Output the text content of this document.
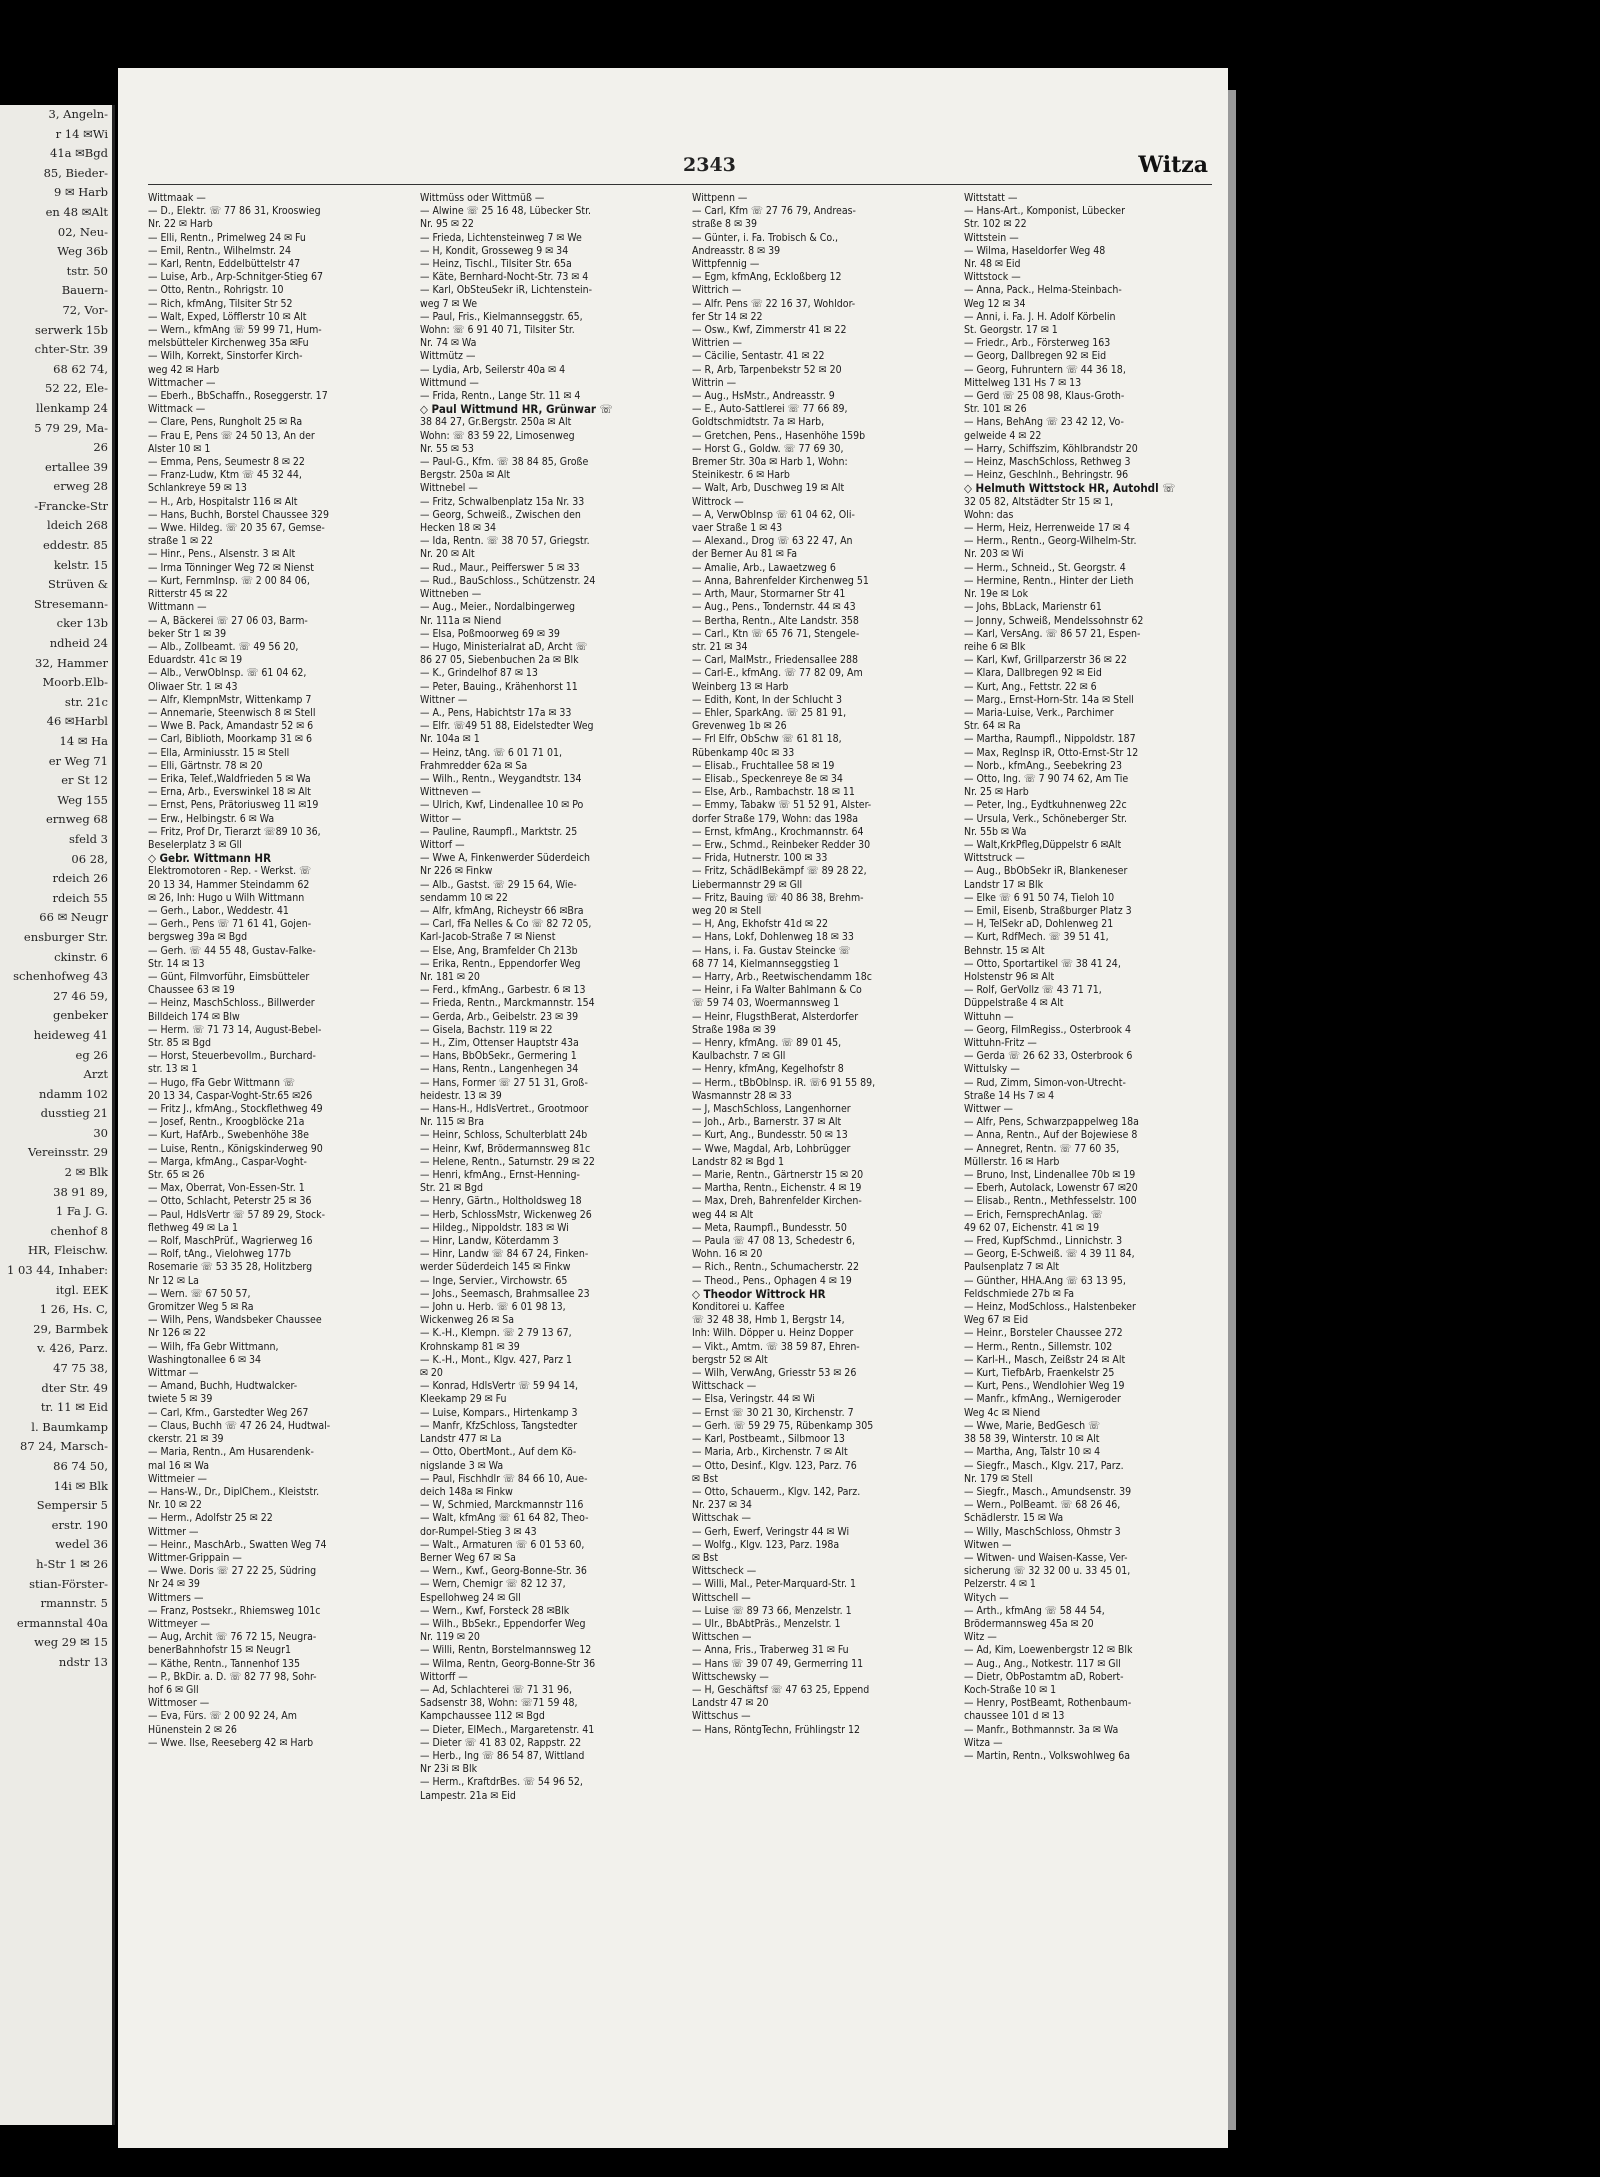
3, Angeln-
r 14 ✉Wi
41a ✉Bgd
85, Bieder-
9 ✉ Harb
en 48 ✉Alt
02, Neu-
Weg 36b
tstr. 50
Bauern-
72, Vor-
serwerk 15b
chter-Str. 39
68 62 74,
52 22, Ele-
llenkamp 24
5 79 29, Ma-
26
ertallee 39
erweg 28
-Francke-Str
ldeich 268
eddestr. 85
kelstr. 15
Strüven &
Stresemann-
cker 13b
ndheid 24
32, Hammer
Moorb.Elb-
str. 21c
46 ✉Harbl
14 ✉ Ha
er Weg 71
er St 12
Weg 155
ernweg 68
sfeld 3
06 28,
rdeich 26
rdeich 55
66 ✉ Neugr
ensburger Str.
ckinstr. 6
schenhofweg 43
27 46 59,
genbeker
heideweg 41
eg 26
Arzt
ndamm 102
dusstieg 21
30
Vereinsstr. 29
2 ✉ Blk
38 91 89,
1 Fa J. G.
chenhof 8
HR, Fleischw.
1 03 44, Inhaber:
itgl. EEK
1 26, Hs. C,
29, Barmbek
v. 426, Parz.
47 75 38,
dter Str. 49
tr. 11 ✉ Eid
l. Baumkamp
87 24, Marsch-
86 74 50,
14i ✉ Blk
Sempersir 5
erstr. 190
wedel 36
h-Str 1 ✉ 26
stian-Förster-
rmannstr. 5
ermannstal 40a
weg 29 ✉ 15
ndstr 13
2343	Witza
Wittmaak —
— D., Elektr. ☏ 77 86 31, Krooswieg
Nr. 22 ✉ Harb
— Elli, Rentn., Primelweg 24 ✉ Fu
— Emil, Rentn., Wilhelmstr. 24
— Karl, Rentn, Eddelbüttelstr 47
— Luise, Arb., Arp-Schnitger-Stieg 67
— Otto, Rentn., Rohrigstr. 10
— Rich, kfmAng, Tilsiter Str 52
— Walt, Exped, Löfflerstr 10 ✉ Alt
— Wern., kfmAng ☏ 59 99 71, Hum-
melsbütteler Kirchenweg 35a ✉Fu
— Wilh, Korrekt, Sinstorfer Kirch-
weg 42 ✉ Harb
Wittmacher —
— Eberh., BbSchaffn., Roseggerstr. 17
Wittmack —
— Clare, Pens, Rungholt 25 ✉ Ra
— Frau E, Pens ☏ 24 50 13, An der
Alster 10 ✉ 1
— Emma, Pens, Seumestr 8 ✉ 22
— Franz-Ludw, Ktm ☏ 45 32 44,
Schlankreye 59 ✉ 13
— H., Arb, Hospitalstr 116 ✉ Alt
— Hans, Buchh, Borstel Chaussee 329
— Wwe. Hildeg. ☏ 20 35 67, Gemse-
straße 1 ✉ 22
— Hinr., Pens., Alsenstr. 3 ✉ Alt
— Irma Tönninger Weg 72 ✉ Nienst
— Kurt, FernmInsp. ☏ 2 00 84 06,
Ritterstr 45 ✉ 22
Wittmann —
— A, Bäckerei ☏ 27 06 03, Barm-
beker Str 1 ✉ 39
— Alb., Zollbeamt. ☏ 49 56 20,
Eduardstr. 41c ✉ 19
— Alb., VerwOblnsp. ☏ 61 04 62,
Oliwaer Str. 1 ✉ 43
— Alfr, KlempnMstr, Wittenkamp 7
— Annemarie, Steenwisch 8 ✉ Stell
— Wwe B. Pack, Amandastr 52 ✉ 6
— Carl, Biblioth, Moorkamp 31 ✉ 6
— Ella, Arminiusstr. 15 ✉ Stell
— Elli, Gärtnstr. 78 ✉ 20
— Erika, Telef.,Waldfrieden 5 ✉ Wa
— Erna, Arb., Everswinkel 18 ✉ Alt
— Ernst, Pens, Prätoriusweg 11 ✉19
— Erw., Helbingstr. 6 ✉ Wa
— Fritz, Prof Dr, Tierarzt ☏89 10 36,
Beselerplatz 3 ✉ Gll
◇ Gebr. Wittmann HR
Elektromotoren - Rep. - Werkst. ☏
20 13 34, Hammer Steindamm 62
✉ 26, Inh: Hugo u Wilh Wittmann
— Gerh., Labor., Weddestr. 41
— Gerh., Pens ☏ 71 61 41, Gojen-
bergsweg 39a ✉ Bgd
— Gerh. ☏ 44 55 48, Gustav-Falke-
Str. 14 ✉ 13
— Günt, Filmvorführ, Eimsbütteler
Chaussee 63 ✉ 19
— Heinz, MaschSchloss., Billwerder
Billdeich 174 ✉ Blw
— Herm. ☏ 71 73 14, August-Bebel-
Str. 85 ✉ Bgd
— Horst, Steuerbevollm., Burchard-
str. 13 ✉ 1
— Hugo, fFa Gebr Wittmann ☏
20 13 34, Caspar-Voght-Str.65 ✉26
— Fritz J., kfmAng., Stockflethweg 49
— Josef, Rentn., Kroogblöcke 21a
— Kurt, HafArb., Swebenhöhe 38e
— Luise, Rentn., Königskinderweg 90
— Marga, kfmAng., Caspar-Voght-
Str. 65 ✉ 26
— Max, Oberrat, Von-Essen-Str. 1
— Otto, Schlacht, Peterstr 25 ✉ 36
— Paul, HdlsVertr ☏ 57 89 29, Stock-
flethweg 49 ✉ La 1
— Rolf, MaschPrüf., Wagrierweg 16
— Rolf, tAng., Vielohweg 177b
Rosemarie ☏ 53 35 28, Holitzberg
Nr 12 ✉ La
— Wern. ☏ 67 50 57,
Gromitzer Weg 5 ✉ Ra
— Wilh, Pens, Wandsbeker Chaussee
Nr 126 ✉ 22
— Wilh, fFa Gebr Wittmann,
Washingtonallee 6 ✉ 34
Wittmar —
— Amand, Buchh, Hudtwalcker-
twiete 5 ✉ 39
— Carl, Kfm., Garstedter Weg 267
— Claus, Buchh ☏ 47 26 24, Hudtwal-
ckerstr. 21 ✉ 39
— Maria, Rentn., Am Husarendenk-
mal 16 ✉ Wa
Wittmeier —
— Hans-W., Dr., DiplChem., Kleiststr.
Nr. 10 ✉ 22
— Herm., Adolfstr 25 ✉ 22
Wittmer —
— Heinr., MaschArb., Swatten Weg 74
Wittmer-Grippain —
— Wwe. Doris ☏ 27 22 25, Südring
Nr 24 ✉ 39
Wittmers —
— Franz, Postsekr., Rhiemsweg 101c
Wittmeyer —
— Aug, Archit ☏ 76 72 15, Neugra-
benerBahnhofstr 15 ✉ Neugr1
— Käthe, Rentn., Tannenhof 135
— P., BkDir. a. D. ☏ 82 77 98, Sohr-
hof 6 ✉ Gll
Wittmoser —
— Eva, Fürs. ☏ 2 00 92 24, Am
Hünenstein 2 ✉ 26
— Wwe. Ilse, Reeseberg 42 ✉ Harb
Wittmüss oder Wittmüß —
— Alwine ☏ 25 16 48, Lübecker Str.
Nr. 95 ✉ 22
— Frieda, Lichtensteinweg 7 ✉ We
— H, Kondit, Grosseweg 9 ✉ 34
— Heinz, Tischl., Tilsiter Str. 65a
— Käte, Bernhard-Nocht-Str. 73 ✉ 4
— Karl, ObSteuSekr iR, Lichtenstein-
weg 7 ✉ We
— Paul, Fris., Kielmannseggstr. 65,
Wohn: ☏ 6 91 40 71, Tilsiter Str.
Nr. 74 ✉ Wa
Wittmütz —
— Lydia, Arb, Seilerstr 40a ✉ 4
Wittmund —
— Frida, Rentn., Lange Str. 11 ✉ 4
◇ Paul Wittmund HR, Grünwar ☏
38 84 27, Gr.Bergstr. 250a ✉ Alt
Wohn: ☏ 83 59 22, Limosenweg
Nr. 55 ✉ 53
— Paul-G., Kfm. ☏ 38 84 85, Große
Bergstr. 250a ✉ Alt
Wittnebel —
— Fritz, Schwalbenplatz 15a Nr. 33
— Georg, Schweiß., Zwischen den
Hecken 18 ✉ 34
— Ida, Rentn. ☏ 38 70 57, Griegstr.
Nr. 20 ✉ Alt
— Rud., Maur., Peifferswег 5 ✉ 33
— Rud., BauSchloss., Schützenstr. 24
Wittneben —
— Aug., Meier., Nordalbingerweg
Nr. 111a ✉ Niend
— Elsa, Poßmoorweg 69 ✉ 39
— Hugo, Ministerialrat aD, Archt ☏
86 27 05, Siebenbuchen 2a ✉ Blk
— K., Grindelhof 87 ✉ 13
— Peter, Bauing., Krähenhorst 11
Wittner —
— A., Pens, Habichtstr 17a ✉ 33
— Elfr. ☏49 51 88, Eidelstedter Weg
Nr. 104a ✉ 1
— Heinz, tAng. ☏ 6 01 71 01,
Frahmredder 62a ✉ Sa
— Wilh., Rentn., Weygandtstr. 134
Wittneven —
— Ulrich, Kwf, Lindenallee 10 ✉ Po
Wittor —
— Pauline, Raumpfl., Marktstr. 25
Wittorf —
— Wwe A, Finkenwerder Süderdeich
Nr 226 ✉ Finkw
— Alb., Gastst. ☏ 29 15 64, Wie-
sendamm 10 ✉ 22
— Alfr, kfmAng, Richeystr 66 ✉Bra
— Carl, fFa Nelles & Co ☏ 82 72 05,
Karl-Jacob-Straße 7 ✉ Nienst
— Else, Ang, Bramfelder Ch 213b
— Erika, Rentn., Eppendorfer Weg
Nr. 181 ✉ 20
— Ferd., kfmAng., Garbestr. 6 ✉ 13
— Frieda, Rentn., Marckmannstr. 154
— Gerda, Arb., Geibelstr. 23 ✉ 39
— Gisela, Bachstr. 119 ✉ 22
— H., Zim, Ottenser Hauptstr 43a
— Hans, BbObSekr., Germering 1
— Hans, Rentn., Langenhegen 34
— Hans, Former ☏ 27 51 31, Groß-
heidestr. 13 ✉ 39
— Hans-H., HdlsVertret., Grootmoor
Nr. 115 ✉ Bra
— Heinr, Schloss, Schulterblatt 24b
— Heinr, Kwf, Brödermannsweg 81c
— Helene, Rentn., Saturnstr. 29 ✉ 22
— Henri, kfmAng., Ernst-Henning-
Str. 21 ✉ Bgd
— Henry, Gärtn., Holtholdsweg 18
— Herb, SchlossMstr, Wickenweg 26
— Hildeg., Nippoldstr. 183 ✉ Wi
— Hinr, Landw, Köterdamm 3
— Hinr, Landw ☏ 84 67 24, Finken-
werder Süderdeich 145 ✉ Finkw
— Inge, Servier., Virchowstr. 65
— Johs., Seemasch, Brahmsallee 23
— John u. Herb. ☏ 6 01 98 13,
Wickenweg 26 ✉ Sa
— K.-H., Klempn. ☏ 2 79 13 67,
Krohnskamp 81 ✉ 39
— K.-H., Mont., Klgv. 427, Parz 1
✉ 20
— Konrad, HdlsVertr ☏ 59 94 14,
Kleekamp 29 ✉ Fu
— Luise, Kompars., Hirtenkamp 3
— Manfr, KfzSchloss, Tangstedter
Landstr 477 ✉ La
— Otto, ObertMont., Auf dem Kö-
nigslande 3 ✉ Wa
— Paul, Fischhdlr ☏ 84 66 10, Aue-
deich 148a ✉ Finkw
— W, Schmied, Marckmannstr 116
— Walt, kfmAng ☏ 61 64 82, Theo-
dor-Rumpel-Stieg 3 ✉ 43
— Walt., Armaturen ☏ 6 01 53 60,
Berner Weg 67 ✉ Sa
— Wern., Kwf., Georg-Bonne-Str. 36
— Wern, Chemigr ☏ 82 12 37,
Espellohweg 24 ✉ Gll
— Wern., Kwf, Forsteck 28 ✉Blk
— Wilh., BbSekr., Eppendorfer Weg
Nr. 119 ✉ 20
— Willi, Rentn, Borstelmannsweg 12
— Wilma, Rentn, Georg-Bonne-Str 36
Wittorff —
— Ad, Schlachterei ☏ 71 31 96,
Sadsenstr 38, Wohn: ☏71 59 48,
Kampchaussee 112 ✉ Bgd
— Dieter, ElMech., Margaretenstr. 41
— Dieter ☏ 41 83 02, Rappstr. 22
— Herb., Ing ☏ 86 54 87, Wittland
Nr 23i ✉ Blk
— Herm., KraftdrBes. ☏ 54 96 52,
Lampestr. 21a ✉ Eid
Wittpenn —
— Carl, Kfm ☏ 27 76 79, Andreas-
straße 8 ✉ 39
— Günter, i. Fa. Trobisch & Co.,
Andreasstr. 8 ✉ 39
Wittpfennig —
— Egm, kfmAng, Eckloßberg 12
Wittrich —
— Alfr. Pens ☏ 22 16 37, Wohldor-
fer Str 14 ✉ 22
— Osw., Kwf, Zimmerstr 41 ✉ 22
Wittrien —
— Cäcilie, Sentastr. 41 ✉ 22
— R, Arb, Tarpenbekstr 52 ✉ 20
Wittrin —
— Aug., HsMstr., Andreasstr. 9
— E., Auto-Sattlerei ☏ 77 66 89,
Goldtschmidtstr. 7a ✉ Harb,
— Gretchen, Pens., Hasenhöhe 159b
— Horst G., Goldw. ☏ 77 69 30,
Bremer Str. 30a ✉ Harb 1, Wohn:
Steinikestr. 6 ✉ Harb
— Walt, Arb, Duschweg 19 ✉ Alt
Wittrock —
— A, VerwOblnsp ☏ 61 04 62, Oli-
vaer Straße 1 ✉ 43
— Alexand., Drog ☏ 63 22 47, An
der Berner Au 81 ✉ Fa
— Amalie, Arb., Lawaetzweg 6
— Anna, Bahrenfelder Kirchenweg 51
— Arth, Maur, Stormarner Str 41
— Aug., Pens., Tondernstr. 44 ✉ 43
— Bertha, Rentn., Alte Landstr. 358
— Carl., Ktn ☏ 65 76 71, Stengele-
str. 21 ✉ 34
— Carl, MalMstr., Friedensallee 288
— Carl-E., kfmAng. ☏ 77 82 09, Am
Weinberg 13 ✉ Harb
— Edith, Kont, In der Schlucht 3
— Ehler, SparkAng. ☏ 25 81 91,
Grevenweg 1b ✉ 26
— Frl Elfr, ObSchw ☏ 61 81 18,
Rübenkamp 40c ✉ 33
— Elisab., Fruchtallee 58 ✉ 19
— Elisab., Speckenreye 8e ✉ 34
— Else, Arb., Rambachstr. 18 ✉ 11
— Emmy, Tabakw ☏ 51 52 91, Alster-
dorfer Straße 179, Wohn: das 198a
— Ernst, kfmAng., Krochmannstr. 64
— Erw., Schmd., Reinbeker Redder 30
— Frida, Hutnerstr. 100 ✉ 33
— Fritz, SchädlBekämpf ☏ 89 28 22,
Liebermannstr 29 ✉ Gll
— Fritz, Bauing ☏ 40 86 38, Brehm-
weg 20 ✉ Stell
— H, Ang, Ekhofstr 41d ✉ 22
— Hans, Lokf, Dohlenweg 18 ✉ 33
— Hans, i. Fa. Gustav Steincke ☏
68 77 14, Kielmannseggstieg 1
— Harry, Arb., Reetwischendamm 18c
— Heinr, i Fa Walter Bahlmann & Co
☏ 59 74 03, Woermannsweg 1
— Heinr, FlugsthBerat, Alsterdorfer
Straße 198a ✉ 39
— Henry, kfmAng. ☏ 89 01 45,
Kaulbachstr. 7 ✉ Gll
— Henry, kfmAng, Kegelhofstr 8
— Herm., tBbOblnsp. iR. ☏6 91 55 89,
Wasmannstr 28 ✉ 33
— J, MaschSchloss, Langenhorner
— Joh., Arb., Barnerstr. 37 ✉ Alt
— Kurt, Ang., Bundesstr. 50 ✉ 13
— Wwe, Magdal, Arb, Lohbrügger
Landstr 82 ✉ Bgd 1
— Marie, Rentn., Gärtnerstr 15 ✉ 20
— Martha, Rentn., Eichenstr. 4 ✉ 19
— Max, Dreh, Bahrenfelder Kirchen-
weg 44 ✉ Alt
— Meta, Raumpfl., Bundesstr. 50
— Paula ☏ 47 08 13, Schedestr 6,
Wohn. 16 ✉ 20
— Rich., Rentn., Schumacherstr. 22
— Theod., Pens., Ophagen 4 ✉ 19
◇ Theodor Wittrock HR
Konditorei u. Kaffee
☏ 32 48 38, Hmb 1, Bergstr 14,
Inh: Wilh. Döpper u. Heinz Dopper
— Vikt., Amtm. ☏ 38 59 87, Ehren-
bergstr 52 ✉ Alt
— Wilh, VerwAng, Griesstr 53 ✉ 26
Wittschack —
— Elsa, Veringstr. 44 ✉ Wi
— Ernst ☏ 30 21 30, Kirchenstr. 7
— Gerh. ☏ 59 29 75, Rübenkamp 305
— Karl, Postbeamt., Silbmoor 13
— Maria, Arb., Kirchenstr. 7 ✉ Alt
— Otto, Desinf., Klgv. 123, Parz. 76
✉ Bst
— Otto, Schauerm., Klgv. 142, Parz.
Nr. 237 ✉ 34
Wittschak —
— Gerh, Ewerf, Veringstr 44 ✉ Wi
— Wolfg., Klgv. 123, Parz. 198a
✉ Bst
Wittscheck —
— Willi, Mal., Peter-Marquard-Str. 1
Wittschell —
— Luise ☏ 89 73 66, Menzelstr. 1
— Ulr., BbAbtPräs., Menzelstr. 1
Wittschen —
— Anna, Fris., Traberweg 31 ✉ Fu
— Hans ☏ 39 07 49, Germerring 11
Wittschewsky —
— H, Geschäftsf ☏ 47 63 25, Eppend
Landstr 47 ✉ 20
Wittschus —
— Hans, RöntgTechn, Frühlingstr 12
Wittstatt —
— Hans-Art., Komponist, Lübecker
Str. 102 ✉ 22
Wittstein —
— Wilma, Haseldorfer Weg 48
Nr. 48 ✉ Eid
Wittstock —
— Anna, Pack., Helma-Steinbach-
Weg 12 ✉ 34
— Anni, i. Fa. J. H. Adolf Körbelin
St. Georgstr. 17 ✉ 1
— Friedr., Arb., Försterweg 163
— Georg, Dallbregen 92 ✉ Eid
— Georg, Fuhruntern ☏ 44 36 18,
Mittelweg 131 Hs 7 ✉ 13
— Gerd ☏ 25 08 98, Klaus-Groth-
Str. 101 ✉ 26
— Hans, BehAng ☏ 23 42 12, Vo-
gelweide 4 ✉ 22
— Harry, Schiffszim, Köhlbrandstr 20
— Heinz, MaschSchloss, Rethweg 3
— Heinz, Geschlnh., Behringstr. 96
◇ Helmuth Wittstock HR, Autohdl ☏
32 05 82, Altstädter Str 15 ✉ 1,
Wohn: das
— Herm, Heiz, Herrenweide 17 ✉ 4
— Herm., Rentn., Georg-Wilhelm-Str.
Nr. 203 ✉ Wi
— Herm., Schneid., St. Georgstr. 4
— Hermine, Rentn., Hinter der Lieth
Nr. 19e ✉ Lok
— Johs, BbLack, Marienstr 61
— Jonny, Schweiß, Mendelssohnstr 62
— Karl, VersAng. ☏ 86 57 21, Espen-
reihe 6 ✉ Blk
— Karl, Kwf, Grillparzerstr 36 ✉ 22
— Klara, Dallbregen 92 ✉ Eid
— Kurt, Ang., Fettstr. 22 ✉ 6
— Marg., Ernst-Horn-Str. 14a ✉ Stell
— Maria-Luise, Verk., Parchimer
Str. 64 ✉ Ra
— Martha, Raumpfl., Nippoldstr. 187
— Max, RegInsp iR, Otto-Ernst-Str 12
— Norb., kfmAng., Seebekring 23
— Otto, Ing. ☏ 7 90 74 62, Am Tie
Nr. 25 ✉ Harb
— Peter, Ing., Eydtkuhnenweg 22c
— Ursula, Verk., Schöneberger Str.
Nr. 55b ✉ Wa
— Walt,KrkPfleg,Düppelstr 6 ✉Alt
Wittstruck —
— Aug., BbObSekr iR, Blankeneser
Landstr 17 ✉ Blk
— Elke ☏ 6 91 50 74, Tieloh 10
— Emil, Eisenb, Straßburger Platz 3
— H, TelSekr aD, Dohlenweg 21
— Kurt, RdfMech. ☏ 39 51 41,
Behnstr. 15 ✉ Alt
— Otto, Sportartikel ☏ 38 41 24,
Holstenstr 96 ✉ Alt
— Rolf, GerVollz ☏ 43 71 71,
Düppelstraße 4 ✉ Alt
Wittuhn —
— Georg, FilmRegiss., Osterbrook 4
Wittuhn-Fritz —
— Gerda ☏ 26 62 33, Osterbrook 6
Wittulsky —
— Rud, Zimm, Simon-von-Utrecht-
Straße 14 Hs 7 ✉ 4
Wittwer —
— Alfr, Pens, Schwarzpappelweg 18a
— Anna, Rentn., Auf der Bojewiese 8
— Annegret, Rentn. ☏ 77 60 35,
Müllerstr. 16 ✉ Harb
— Bruno, Inst, Lindenallee 70b ✉ 19
— Eberh, Autolack, Lowenstr 67 ✉20
— Elisab., Rentn., Methfesselstr. 100
— Erich, FernsprechAnlag. ☏
49 62 07, Eichenstr. 41 ✉ 19
— Fred, KupfSchmd., Linnichstr. 3
— Georg, E-Schweiß. ☏ 4 39 11 84,
Paulsenplatz 7 ✉ Alt
— Günther, HHA.Ang ☏ 63 13 95,
Feldschmiede 27b ✉ Fa
— Heinz, ModSchloss., Halstenbeker
Weg 67 ✉ Eid
— Heinr., Borsteler Chaussee 272
— Herm., Rentn., Sillemstr. 102
— Karl-H., Masch, Zeißstr 24 ✉ Alt
— Kurt, TiefbArb, Fraenkelstr 25
— Kurt, Pens., Wendlohier Weg 19
— Manfr., kfmAng., Wernigeroder
Weg 4c ✉ Niend
— Wwe, Marie, BedGesch ☏
38 58 39, Winterstr. 10 ✉ Alt
— Martha, Ang, Talstr 10 ✉ 4
— Siegfr., Masch., Klgv. 217, Parz.
Nr. 179 ✉ Stell
— Siegfr., Masch., Amundsenstr. 39
— Wern., PolBeamt. ☏ 68 26 46,
Schädlerstr. 15 ✉ Wa
— Willy, MaschSchloss, Ohmstr 3
Witwen —
— Witwen- und Waisen-Kasse, Ver-
sicherung ☏ 32 32 00 u. 33 45 01,
Pelzerstr. 4 ✉ 1
Witych —
— Arth., kfmAng ☏ 58 44 54,
Brödermannsweg 45a ✉ 20
Witz —
— Ad, Kim, Loewenbergstr 12 ✉ Blk
— Aug., Ang., Notkestr. 117 ✉ Gll
— Dietr, ObPostamtm aD, Robert-
Koch-Straße 10 ✉ 1
— Henry, PostBeamt, Rothenbaum-
chaussee 101 d ✉ 13
— Manfr., Bothmannstr. 3a ✉ Wa
Witza —
— Martin, Rentn., Volkswohlweg 6a
